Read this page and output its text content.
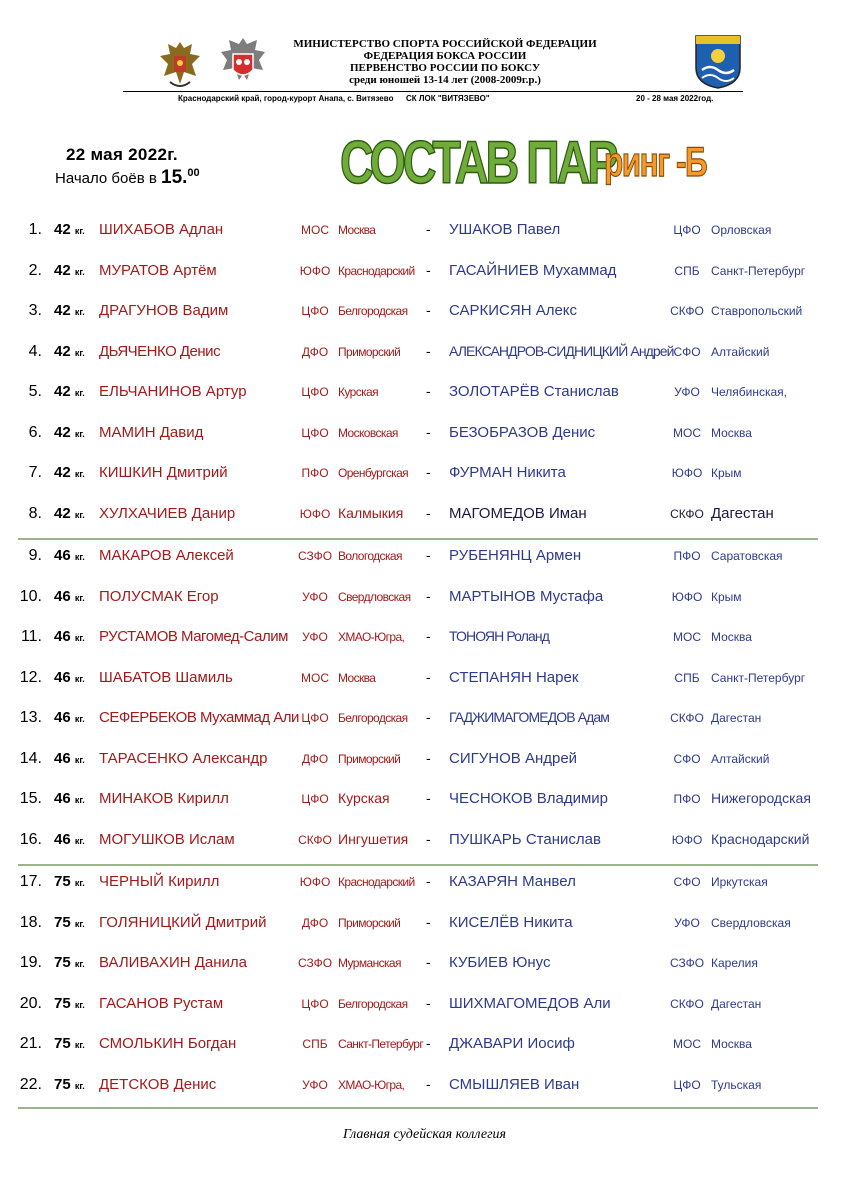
МИНИСТЕРСТВО СПОРТА РОССИЙСКОЙ ФЕДЕРАЦИИ
ФЕДЕРАЦИЯ БОКСА РОССИИ
ПЕРВЕНСТВО РОССИИ ПО БОКСУ
среди юношей 13-14 лет (2008-2009г.р.)
Краснодарский край, город-курорт Анапа, с. Витязево СК ЛОК "ВИТЯЗЕВО"	20 - 28 мая 2022год.
22 мая 2022г.
Начало боёв в 15.00 СОСТАВ ПАР
ринг -Б
1. 42 кг. ШИХАБОВ Адлан	МОС Москва	- УШАКОВ Павел	ЦФО Орловская
2. 42 кг. МУРАТОВ Артём	ЮФО Краснодарский - ГАСАЙНИЕВ Мухаммад	СПБ Санкт-Петербург
3. 42 кг. ДРАГУНОВ Вадим	ЦФО Белгородская - САРКИСЯН Алекс	СКФО Ставропольский
4. 42 кг. ДЬЯЧЕНКО Денис	ДФО Приморский - АЛЕКСАНДРОВ-СИДНИЦКИЙ Андрей СФО Алтайский
5. 42 кг. ЕЛЬЧАНИНОВ Артур	ЦФО Курская	- ЗОЛОТАРЁВ Станислав	УФО Челябинская,
6. 42 кг. МАМИН Давид	ЦФО Московская - БЕЗОБРАЗОВ Денис	МОС Москва
7. 42 кг. КИШКИН Дмитрий	ПФО Оренбургская - ФУРМАН Никита	ЮФО Крым
8. 42 кг. ХУЛХАЧИЕВ Данир	ЮФО Калмыкия - МАГОМЕДОВ Иман	СКФО Дагестан
9. 46 кг. МАКАРОВ Алексей	СЗФО Вологодская - РУБЕНЯНЦ Армен	ПФО Саратовская
10. 46 кг. ПОЛУСМАК Егор	УФО Свердловская - МАРТЫНОВ Мустафа	ЮФО Крым
11. 46 кг. РУСТАМОВ Магомед-Салим	УФО ХМАО-Югра, - ТОНОЯН Роланд	МОС Москва
12. 46 кг. ШАБАТОВ Шамиль	МОС Москва	- СТЕПАНЯН Нарек	СПБ Санкт-Петербург
13. 46 кг. СЕФЕРБЕКОВ Мухаммад Али ЦФО Белгородская - ГАДЖИМАГОМЕДОВ Адам	СКФО Дагестан
14. 46 кг. ТАРАСЕНКО Александр	ДФО Приморский - СИГУНОВ Андрей	СФО Алтайский
15. 46 кг. МИНАКОВ Кирилл	ЦФО Курская	- ЧЕСНОКОВ Владимир	ПФО Нижегородская
16. 46 кг. МОГУШКОВ Ислам	СКФО Ингушетия - ПУШКАРЬ Станислав	ЮФО Краснодарский
17. 75 кг. ЧЕРНЫЙ Кирилл	ЮФО Краснодарский - КАЗАРЯН Манвел	СФО Иркутская
18. 75 кг. ГОЛЯНИЦКИЙ Дмитрий	ДФО Приморский - КИСЕЛЁВ Никита	УФО Свердловская
19. 75 кг. ВАЛИВАХИН Данила	СЗФО Мурманская - КУБИЕВ Юнус	СЗФО Карелия
20. 75 кг. ГАСАНОВ Рустам	ЦФО Белгородская - ШИХМАГОМЕДОВ Али	СКФО Дагестан
21. 75 кг. СМОЛЬКИН Богдан	СПБ Санкт-Петербург - ДЖАВАРИ Иосиф	МОС Москва
22. 75 кг. ДЕТСКОВ Денис	УФО ХМАО-Югра, - СМЫШЛЯЕВ Иван	ЦФО Тульская
Главная судейская коллегия
